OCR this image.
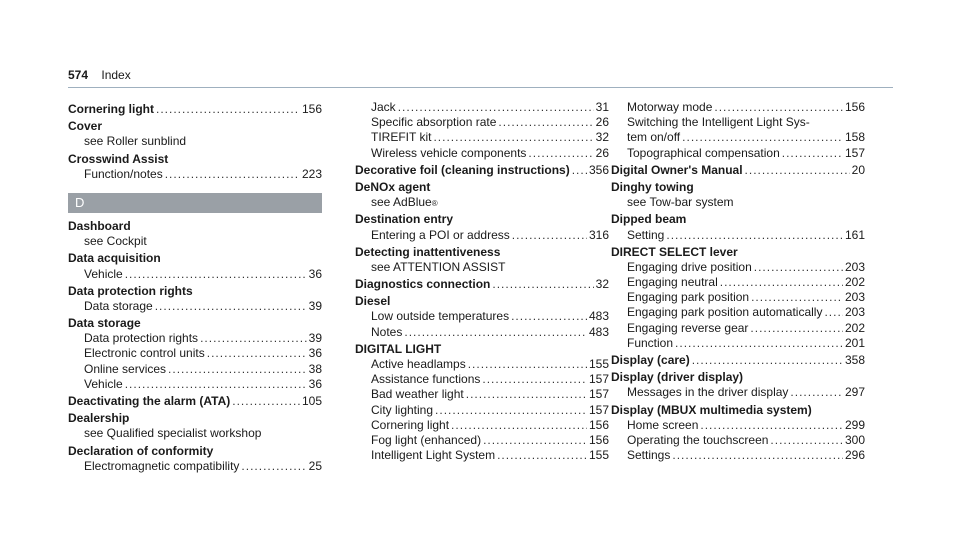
574 Index
Cornering light .....	156
Cover
see Roller sunblind
Crosswind Assist
Function/notes .....	223
D
Dashboard
see Cockpit
Data acquisition
Vehicle .....	36
Data protection rights
Data storage .....	39
Data storage
Data protection rights .....	39
Electronic control units .....	36
Online services .....	38
Vehicle .....	36
Deactivating the alarm (ATA) .....	105
Dealership
see Qualified specialist workshop
Declaration of conformity
Electromagnetic compatibility .....	25
Jack .....	31
Specific absorption rate .....	26
TIREFIT kit .....	32
Wireless vehicle components .....	26
Decorative foil (cleaning instructions) ..... 356
DeNOx agent
see AdBlue ®
Destination entry
Entering a POI or address .....	316
Detecting inattentiveness
see ATTENTION ASSIST
Diagnostics connection .....	32
Diesel
Low outside temperatures .....	483
Notes .....	483
DIGITAL LIGHT
Active headlamps .....	155
Assistance functions .....	157
Bad weather light .....	157
City lighting .....	157
Cornering light .....	156
Fog light (enhanced) .....	156
Intelligent Light System .....	155
Motorway mode .....	156
Switching the Intelligent Light Sys-
tem on/off .....	158
Topographical compensation .....	157
Digital Owner's Manual .....	20
Dinghy towing
see Tow-bar system
Dipped beam
Setting .....	161
DIRECT SELECT lever
Engaging drive position .....	203
Engaging neutral .....	202
Engaging park position .....	203
Engaging park position automatically ..... 203
Engaging reverse gear .....	202
Function .....	201
Display (care) .....	358
Display (driver display)
Messages in the driver display .....	297
Display (MBUX multimedia system)
Home screen .....	299
Operating the touchscreen .....	300
Settings .....	296
